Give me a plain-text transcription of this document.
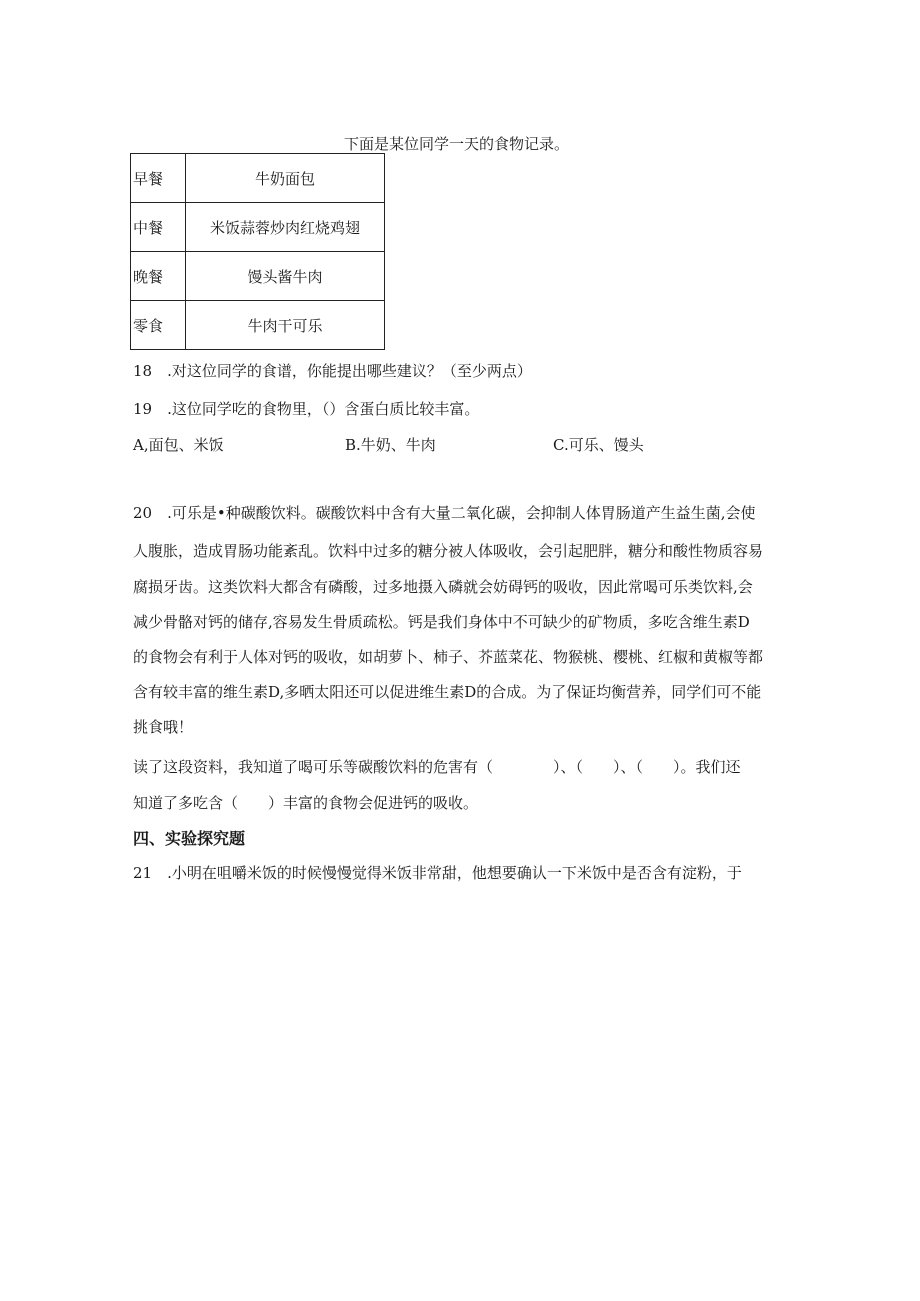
下面是某位同学一天的食物记录。
早餐	牛奶面包
中餐	米饭蒜蓉炒肉红烧鸡翅
晚餐	馒头酱牛肉
零食	牛肉干可乐
18　.对这位同学的食谱，你能提出哪些建议？（至少两点）
19　.这位同学吃的食物里，（）含蛋白质比较丰富。
A,面包、米饭	B.牛奶、牛肉	C.可乐、馒头
20　.可乐是•种碳酸饮料。碳酸饮料中含有大量二氧化碳，会抑制人体胃肠道产生益生菌,会使
人腹胀，造成胃肠功能紊乱。饮料中过多的糖分被人体吸收，会引起肥胖，糖分和酸性物质容易
腐损牙齿。这类饮料大都含有磷酸，过多地摄入磷就会妨碍钙的吸收，因此常喝可乐类饮料,会
减少骨骼对钙的储存,容易发生骨质疏松。钙是我们身体中不可缺少的矿物质，多吃含维生素D
的食物会有利于人体对钙的吸收，如胡萝卜、柿子、芥蓝菜花、物猴桃、樱桃、红椒和黄椒等都
含有较丰富的维生素D,多晒太阳还可以促进维生素D的合成。为了保证均衡营养，同学们可不能
挑食哦！
读了这段资料，我知道了喝可乐等碳酸饮料的危害有（　　　　）、（　　）、（　　）。我们还
知道了多吃含（　　）丰富的食物会促进钙的吸收。
四、实验探究题
21　.小明在咀嚼米饭的时候慢慢觉得米饭非常甜，他想要确认一下米饭中是否含有淀粉，于
